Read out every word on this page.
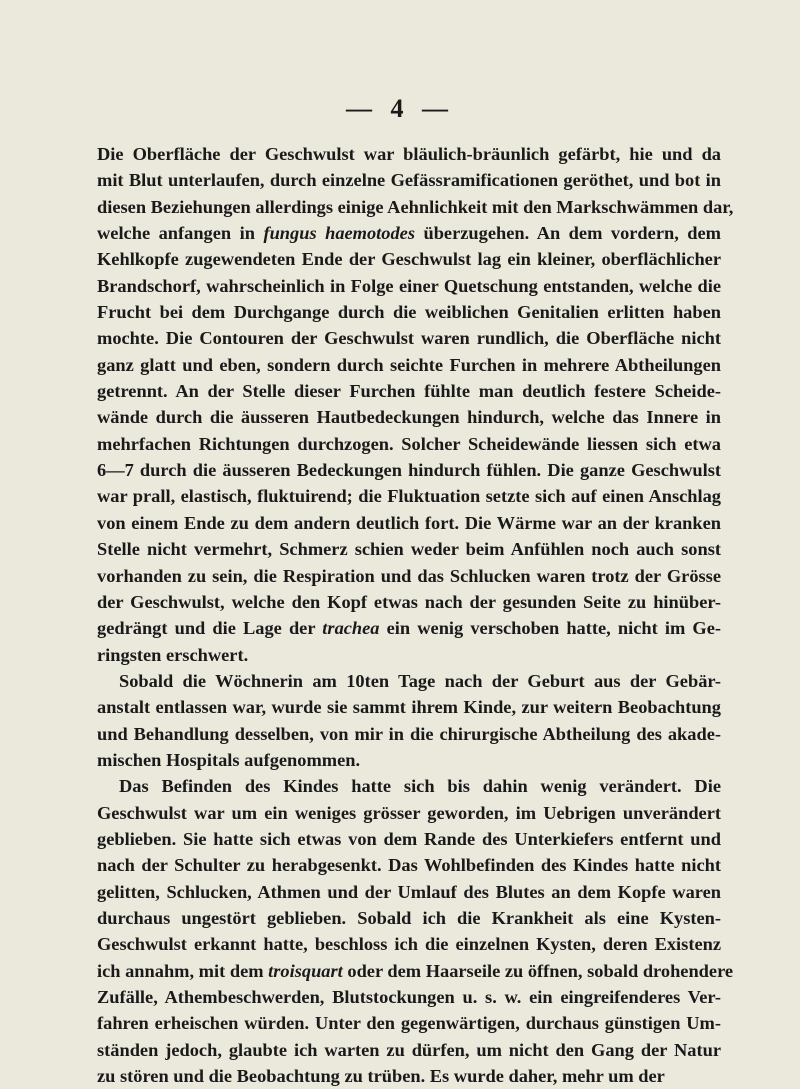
— 4 —
Die Oberfläche der Geschwulst war bläulich-bräunlich gefärbt, hie und da
mit Blut unterlaufen, durch einzelne Gefässramificationen geröthet, und bot in
diesen Beziehungen allerdings einige Aehnlichkeit mit den Markschwämmen dar,
welche anfangen in fungus haemotodes überzugehen. An dem vordern, dem
Kehlkopfe zugewendeten Ende der Geschwulst lag ein kleiner, oberflächlicher
Brandschorf, wahrscheinlich in Folge einer Quetschung entstanden, welche die
Frucht bei dem Durchgange durch die weiblichen Genitalien erlitten haben
mochte. Die Contouren der Geschwulst waren rundlich, die Oberfläche nicht
ganz glatt und eben, sondern durch seichte Furchen in mehrere Abtheilungen
getrennt. An der Stelle dieser Furchen fühlte man deutlich festere Scheide-
wände durch die äusseren Hautbedeckungen hindurch, welche das Innere in
mehrfachen Richtungen durchzogen. Solcher Scheidewände liessen sich etwa
6—7 durch die äusseren Bedeckungen hindurch fühlen. Die ganze Geschwulst
war prall, elastisch, fluktuirend; die Fluktuation setzte sich auf einen Anschlag
von einem Ende zu dem andern deutlich fort. Die Wärme war an der kranken
Stelle nicht vermehrt, Schmerz schien weder beim Anfühlen noch auch sonst
vorhanden zu sein, die Respiration und das Schlucken waren trotz der Grösse
der Geschwulst, welche den Kopf etwas nach der gesunden Seite zu hinüber-
gedrängt und die Lage der trachea ein wenig verschoben hatte, nicht im Ge-
ringsten erschwert.
Sobald die Wöchnerin am 10ten Tage nach der Geburt aus der Gebär-
anstalt entlassen war, wurde sie sammt ihrem Kinde, zur weitern Beobachtung
und Behandlung desselben, von mir in die chirurgische Abtheilung des akade-
mischen Hospitals aufgenommen.
Das Befinden des Kindes hatte sich bis dahin wenig verändert. Die
Geschwulst war um ein weniges grösser geworden, im Uebrigen unverändert
geblieben. Sie hatte sich etwas von dem Rande des Unterkiefers entfernt und
nach der Schulter zu herabgesenkt. Das Wohlbefinden des Kindes hatte nicht
gelitten, Schlucken, Athmen und der Umlauf des Blutes an dem Kopfe waren
durchaus ungestört geblieben. Sobald ich die Krankheit als eine Kysten-
Geschwulst erkannt hatte, beschloss ich die einzelnen Kysten, deren Existenz
ich annahm, mit dem troisquart oder dem Haarseile zu öffnen, sobald drohendere
Zufälle, Athembeschwerden, Blutstockungen u. s. w. ein eingreifenderes Ver-
fahren erheischen würden. Unter den gegenwärtigen, durchaus günstigen Um-
ständen jedoch, glaubte ich warten zu dürfen, um nicht den Gang der Natur
zu stören und die Beobachtung zu trüben. Es wurde daher, mehr um der
